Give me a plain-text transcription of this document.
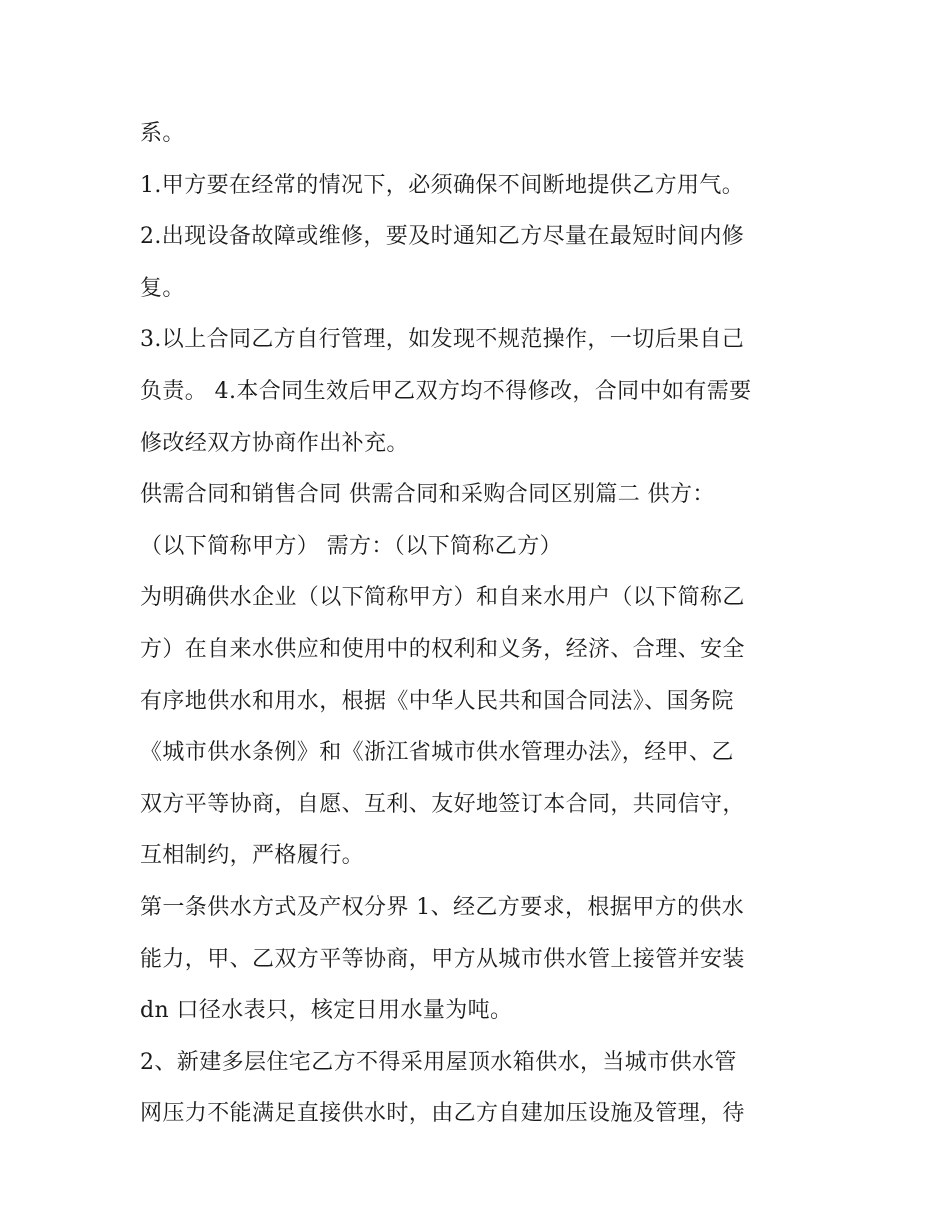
系。
1.甲方要在经常的情况下，必须确保不间断地提供乙方用气。
2.出现设备故障或维修，要及时通知乙方尽量在最短时间内修
复。
3.以上合同乙方自行管理，如发现不规范操作，一切后果自己
负责。 4.本合同生效后甲乙双方均不得修改，合同中如有需要
修改经双方协商作出补充。
供需合同和销售合同 供需合同和采购合同区别篇二 供方：
（以下简称甲方） 需方：（以下简称乙方）
为明确供水企业（以下简称甲方）和自来水用户（以下简称乙
方）在自来水供应和使用中的权利和义务，经济、合理、安全
有序地供水和用水，根据《中华人民共和国合同法》、国务院
《城市供水条例》和《浙江省城市供水管理办法》，经甲、乙
双方平等协商，自愿、互利、友好地签订本合同，共同信守，
互相制约，严格履行。
第一条供水方式及产权分界 1、经乙方要求，根据甲方的供水
能力，甲、乙双方平等协商，甲方从城市供水管上接管并安装
dn 口径水表只，核定日用水量为吨。
2、新建多层住宅乙方不得采用屋顶水箱供水，当城市供水管
网压力不能满足直接供水时，由乙方自建加压设施及管理，待
